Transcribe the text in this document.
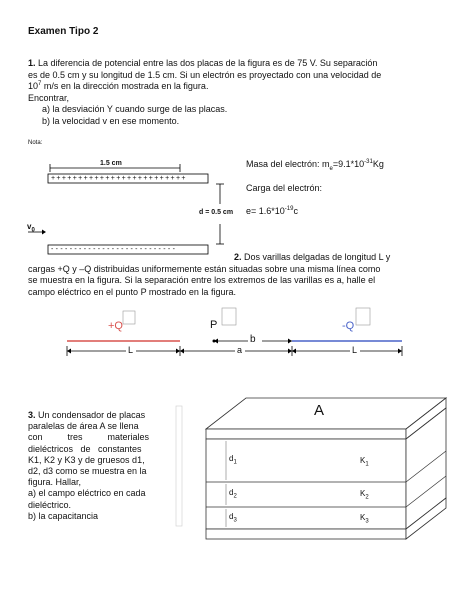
Examen Tipo 2
1. La diferencia de potencial entre las dos placas de la figura es de 75 V. Su separación
es de 0.5 cm y su longitud de 1.5 cm. Si un electrón es proyectado con una velocidad de
$10^7$ m/s en la dirección mostrada en la figura.
Encontrar,
a) la desviación Y cuando surge de las placas.
b) la velocidad v en ese momento.
Nota:
1.5 cm
+ + + + + + + + + + + + + + + + + + + + + + + + +
- - - - - - - - - - - - - - - - - - - - - - - - - - -
d = 0.5 cm
$v_0$
Masa del electrón: $m_e=9.1*10^{-31}Kg$
Carga del electrón:
$e= 1.6*10^{-19}c$
2. Dos varillas delgadas de longitud L y
cargas +Q y –Q distribuidas uniformemente están situadas sobre una misma línea como
se muestra en la figura. Si la separación entre los extremos de las varillas es a, halle el
campo eléctrico en el punto P mostrado en la figura.
+Q	P
b
-Q
L	a	L
3. Un condensador de placas
paralelas de área A se llena
con          tres          materiales
dieléctricos   de   constantes
K1, K2 y K3 y de gruesos d1,
d2, d3 como se muestra en la
figura. Hallar,
a) el campo eléctrico en cada
dieléctrico.
b) la capacitancia
A
$d_1$
$d_2$
$d_3$
$K_1$
$K_2$
$K_3$
